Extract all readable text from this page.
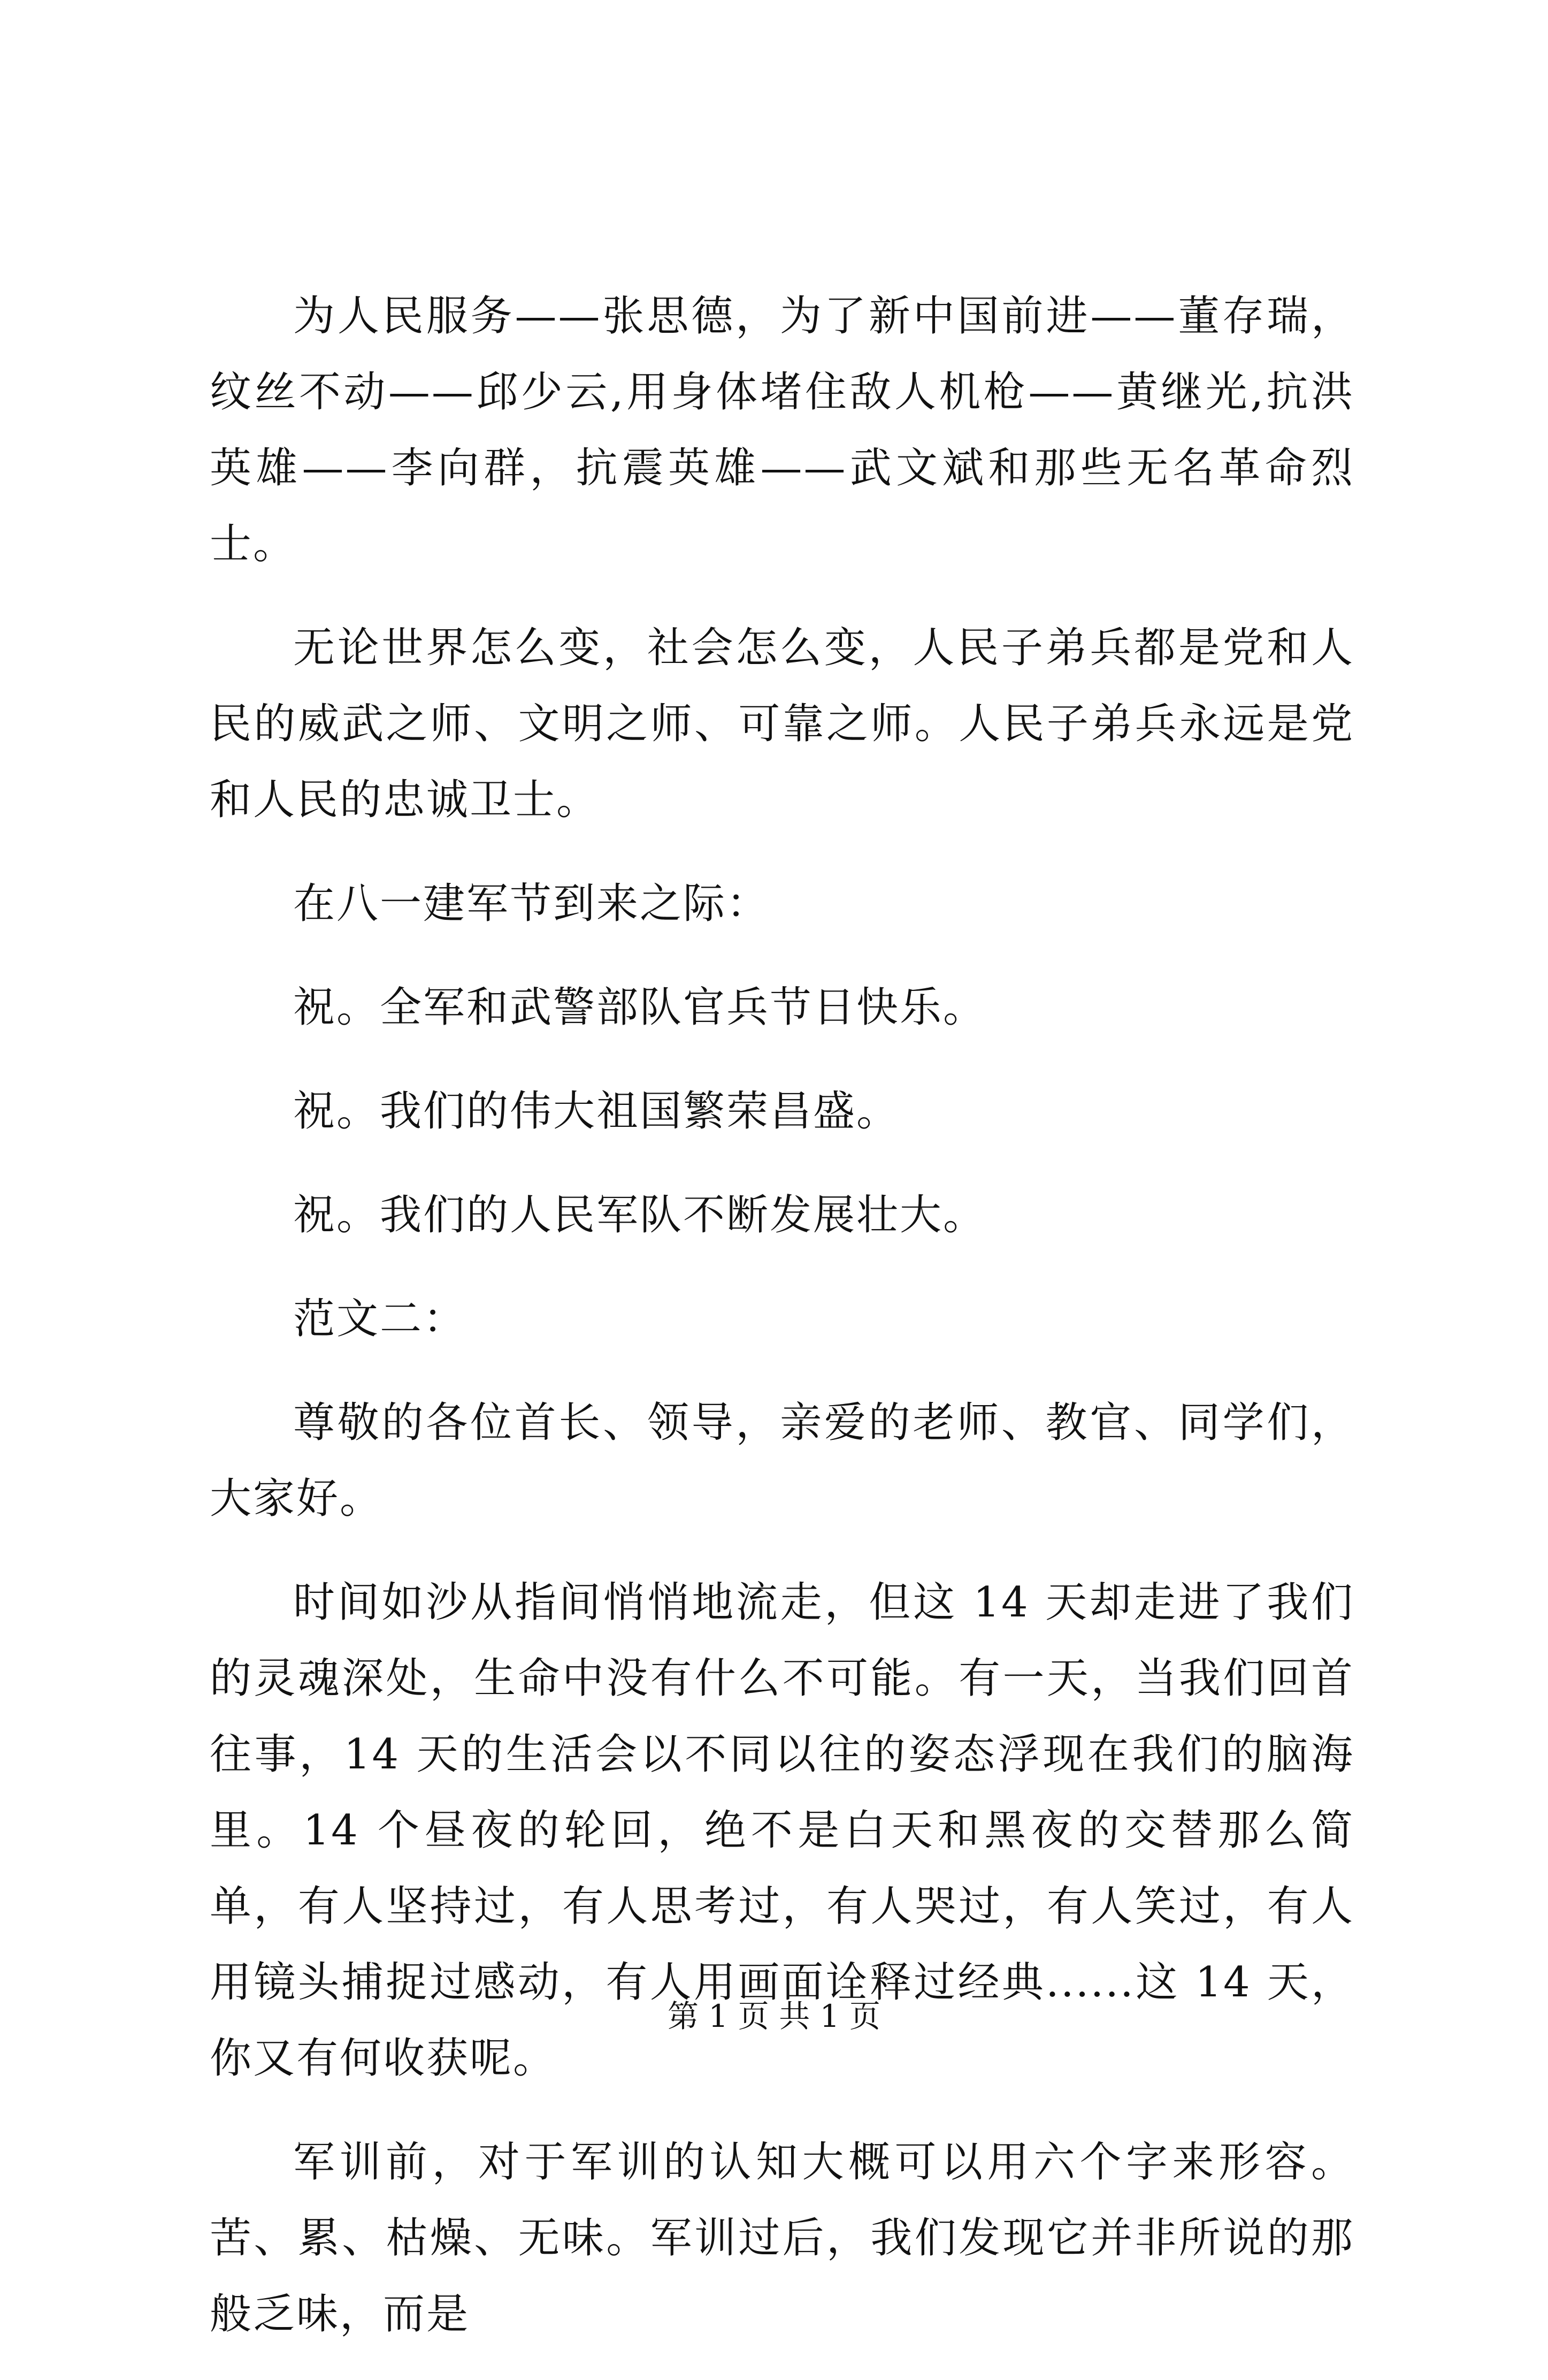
为人民服务——张思德，为了新中国前进——董存瑞，纹丝不动——邱少云,用身体堵住敌人机枪——黄继光,抗洪英雄——李向群，抗震英雄——武文斌和那些无名革命烈士。

无论世界怎么变，社会怎么变，人民子弟兵都是党和人民的威武之师、文明之师、可靠之师。人民子弟兵永远是党和人民的忠诚卫士。

在八一建军节到来之际：

祝。全军和武警部队官兵节日快乐。

祝。我们的伟大祖国繁荣昌盛。

祝。我们的人民军队不断发展壮大。

范文二：

尊敬的各位首长、领导，亲爱的老师、教官、同学们，大家好。

时间如沙从指间悄悄地流走，但这 14 天却走进了我们的灵魂深处，生命中没有什么不可能。有一天，当我们回首往事，14 天的生活会以不同以往的姿态浮现在我们的脑海里。14 个昼夜的轮回，绝不是白天和黑夜的交替那么简单，有人坚持过，有人思考过，有人哭过，有人笑过，有人用镜头捕捉过感动，有人用画面诠释过经典......这 14 天，你又有何收获呢。

军训前，对于军训的认知大概可以用六个字来形容。苦、累、枯燥、无味。军训过后，我们发现它并非所说的那般乏味，而是

第 1 页 共 1 页
